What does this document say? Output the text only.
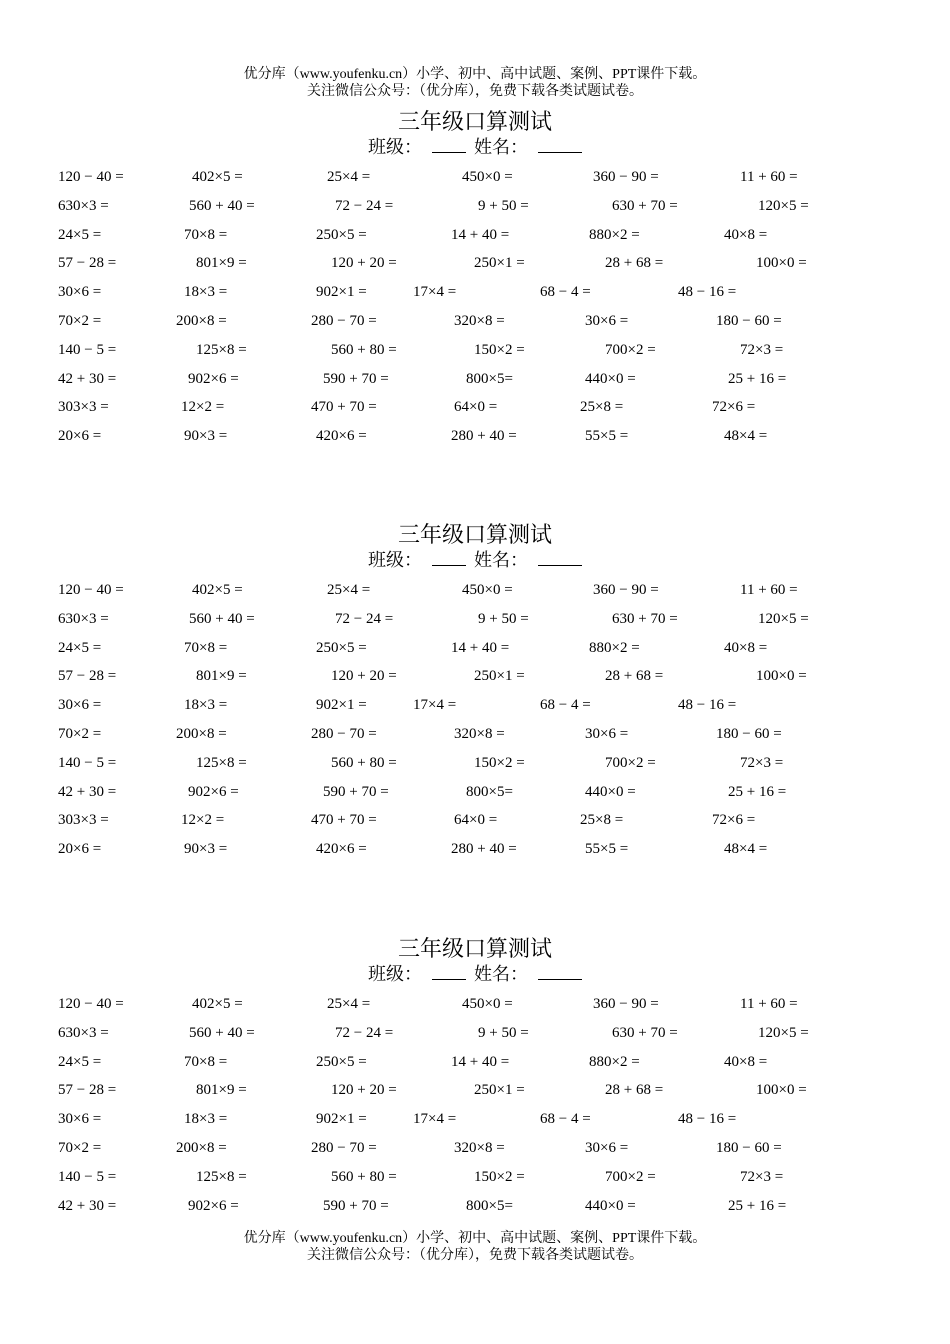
优分库（www.youfenku.cn）小学、初中、高中试题、案例、PPT课件下载。
关注微信公众号：（优分库），免费下载各类试题试卷。
三年级口算测试
班级：	姓名：
120 − 40 =	402×5 =	25×4 =	450×0 =	360 − 90 =	11 + 60 =
630×3 =	560 + 40 =	72 − 24 =	9 + 50 =	630 + 70 =	120×5 =
24×5 =	70×8 =	250×5 =	14 + 40 =	880×2 =	40×8 =
57 − 28 =	801×9 =	120 + 20 =	250×1 =	28 + 68 =	100×0 =
30×6 =	18×3 =	902×1 =	17×4 =	68 − 4 =	48 − 16 =
70×2 =	200×8 =	280 − 70 =	320×8 =	30×6 =	180 − 60 =
140 − 5 =	125×8 =	560 + 80 =	150×2 =	700×2 =	72×3 =
42 + 30 =	902×6 =	590 + 70 =	800×5=	440×0 =	25 + 16 =
303×3 =	12×2 =	470 + 70 =	64×0 =	25×8 =	72×6 =
20×6 =	90×3 =	420×6 =	280 + 40 =	55×5 =	48×4 =
三年级口算测试
班级：	姓名：
120 − 40 =	402×5 =	25×4 =	450×0 =	360 − 90 =	11 + 60 =
630×3 =	560 + 40 =	72 − 24 =	9 + 50 =	630 + 70 =	120×5 =
24×5 =	70×8 =	250×5 =	14 + 40 =	880×2 =	40×8 =
57 − 28 =	801×9 =	120 + 20 =	250×1 =	28 + 68 =	100×0 =
30×6 =	18×3 =	902×1 =	17×4 =	68 − 4 =	48 − 16 =
70×2 =	200×8 =	280 − 70 =	320×8 =	30×6 =	180 − 60 =
140 − 5 =	125×8 =	560 + 80 =	150×2 =	700×2 =	72×3 =
42 + 30 =	902×6 =	590 + 70 =	800×5=	440×0 =	25 + 16 =
303×3 =	12×2 =	470 + 70 =	64×0 =	25×8 =	72×6 =
20×6 =	90×3 =	420×6 =	280 + 40 =	55×5 =	48×4 =
三年级口算测试
班级：	姓名：
120 − 40 =	402×5 =	25×4 =	450×0 =	360 − 90 =	11 + 60 =
630×3 =	560 + 40 =	72 − 24 =	9 + 50 =	630 + 70 =	120×5 =
24×5 =	70×8 =	250×5 =	14 + 40 =	880×2 =	40×8 =
57 − 28 =	801×9 =	120 + 20 =	250×1 =	28 + 68 =	100×0 =
30×6 =	18×3 =	902×1 =	17×4 =	68 − 4 =	48 − 16 =
70×2 =	200×8 =	280 − 70 =	320×8 =	30×6 =	180 − 60 =
140 − 5 =	125×8 =	560 + 80 =	150×2 =	700×2 =	72×3 =
42 + 30 =	902×6 =	590 + 70 =	800×5=	440×0 =	25 + 16 =
优分库（www.youfenku.cn）小学、初中、高中试题、案例、PPT课件下载。
关注微信公众号：（优分库），免费下载各类试题试卷。
